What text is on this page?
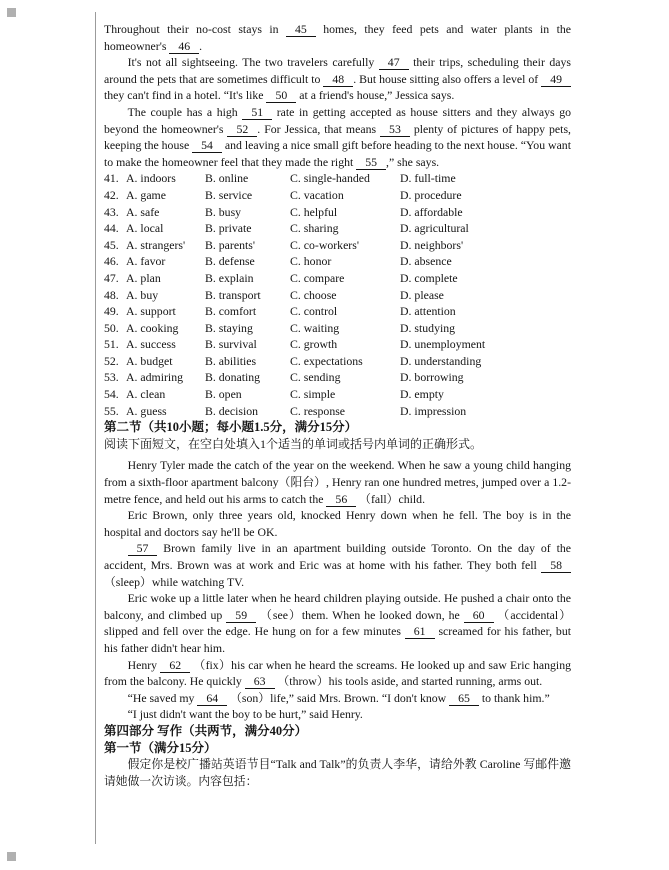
Throughout their no-cost stays in 45 homes, they feed pets and water plants in the homeowner's 46 .

It's not all sightseeing. The two travelers carefully 47 their trips, scheduling their days around the pets that are sometimes difficult to 48 . But house sitting also offers a level of 49 they can't find in a hotel. “It's like 50 at a friend's house,” Jessica says.

The couple has a high 51 rate in getting accepted as house sitters and they always go beyond the homeowner's 52 . For Jessica, that means 53 plenty of pictures of happy pets, keeping the house 54 and leaving a nice small gift before heading to the next house. “You want to make the homeowner feel that they made the right 55 ,” she says.

41. A. indoors	B. online	C. single-handed	D. full-time
42. A. game	B. service	C. vacation	D. procedure
43. A. safe	B. busy	C. helpful	D. affordable
44. A. local	B. private	C. sharing	D. agricultural
45. A. strangers'	B. parents'	C. co-workers'	D. neighbors'
46. A. favor	B. defense	C. honor	D. absence
47. A. plan	B. explain	C. compare	D. complete
48. A. buy	B. transport	C. choose	D. please
49. A. support	B. comfort	C. control	D. attention
50. A. cooking	B. staying	C. waiting	D. studying
51. A. success	B. survival	C. growth	D. unemployment
52. A. budget	B. abilities	C. expectations	D. understanding
53. A. admiring	B. donating	C. sending	D. borrowing
54. A. clean	B. open	C. simple	D. empty
55. A. guess	B. decision	C. response	D. impression
第二节（共10小题；每小题1.5分，满分15分）
阅读下面短文，在空白处填入1个适当的单词或括号内单词的正确形式。

Henry Tyler made the catch of the year on the weekend. When he saw a young child hanging from a sixth-floor apartment balcony（阳台）, Henry ran one hundred metres, jumped over a 1.2-metre fence, and held out his arms to catch the 56 （fall）child.

Eric Brown, only three years old, knocked Henry down when he fell. The boy is in the hospital and doctors say he'll be OK.

57 Brown family live in an apartment building outside Toronto. On the day of the accident, Mrs. Brown was at work and Eric was at home with his father. They both fell 58 （sleep）while watching TV.

Eric woke up a little later when he heard children playing outside. He pushed a chair onto the balcony, and climbed up 59 （see）them. When he looked down, he 60 （accidental）slipped and fell over the edge. He hung on for a few minutes 61 screamed for his father, but his father didn't hear him.

Henry 62 （fix）his car when he heard the screams. He looked up and saw Eric hanging from the balcony. He quickly 63 （throw）his tools aside, and started running, arms out.

“He saved my 64 （son）life,” said Mrs. Brown. “I don't know 65 to thank him.”

“I just didn't want the boy to be hurt,” said Henry.

第四部分 写作（共两节，满分40分）
第一节（满分15分）

假定你是校广播站英语节目“Talk and Talk”的负责人李华，请给外教 Caroline 写邮件邀请她做一次访谈。内容包括：
